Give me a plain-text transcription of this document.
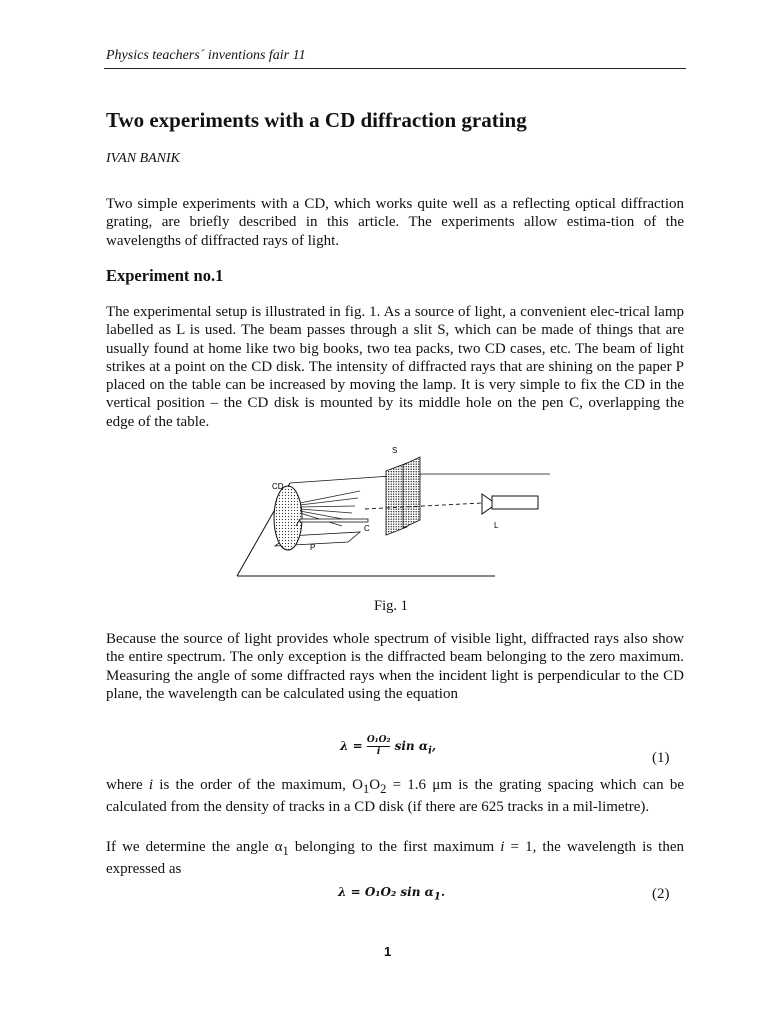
Physics teachers´ inventions fair 11
Two experiments with a CD diffraction grating
IVAN BANIK

Two simple experiments with a CD, which works quite well as a reflecting optical diffraction grating, are briefly described in this article. The experiments allow estima-tion of the wavelengths of diffracted rays of light.

Experiment no.1

The experimental setup is illustrated in fig. 1. As a source of light, a convenient elec-trical lamp labelled as L is used. The beam passes through a slit S, which can be made of things that are usually found at home like two big books, two tea packs, two CD cases, etc. The beam of light strikes at a point on the CD disk. The intensity of diffracted rays that are shining on the paper P placed on the table can be increased by moving the lamp. It is very simple to fix the CD in the vertical position – the CD disk is mounted by its middle hole on the pen C, overlapping the edge of the table.

CD
S
C
P
L
Fig. 1

Because the source of light provides whole spectrum of visible light, diffracted rays also show the entire spectrum. The only exception is the diffracted beam belonging to the zero maximum. Measuring the angle of some diffracted rays when the incident light is perpendicular to the CD plane, the wavelength can be calculated using the equation

$\lambda = \frac{\text{O₁O₂}}{i}$ $\sin \alpha_i$,
(1)

where i is the order of the maximum, $O_1O_2 = 1.6$ μm is the grating spacing which can be calculated from the density of tracks in a CD disk (if there are 625 tracks in a mil-limetre).

If we determine the angle $\alpha_1$ belonging to the first maximum i = 1, the wavelength is then expressed as

λ = O₁O₂ $\sin \alpha_1$.	(2)
1
